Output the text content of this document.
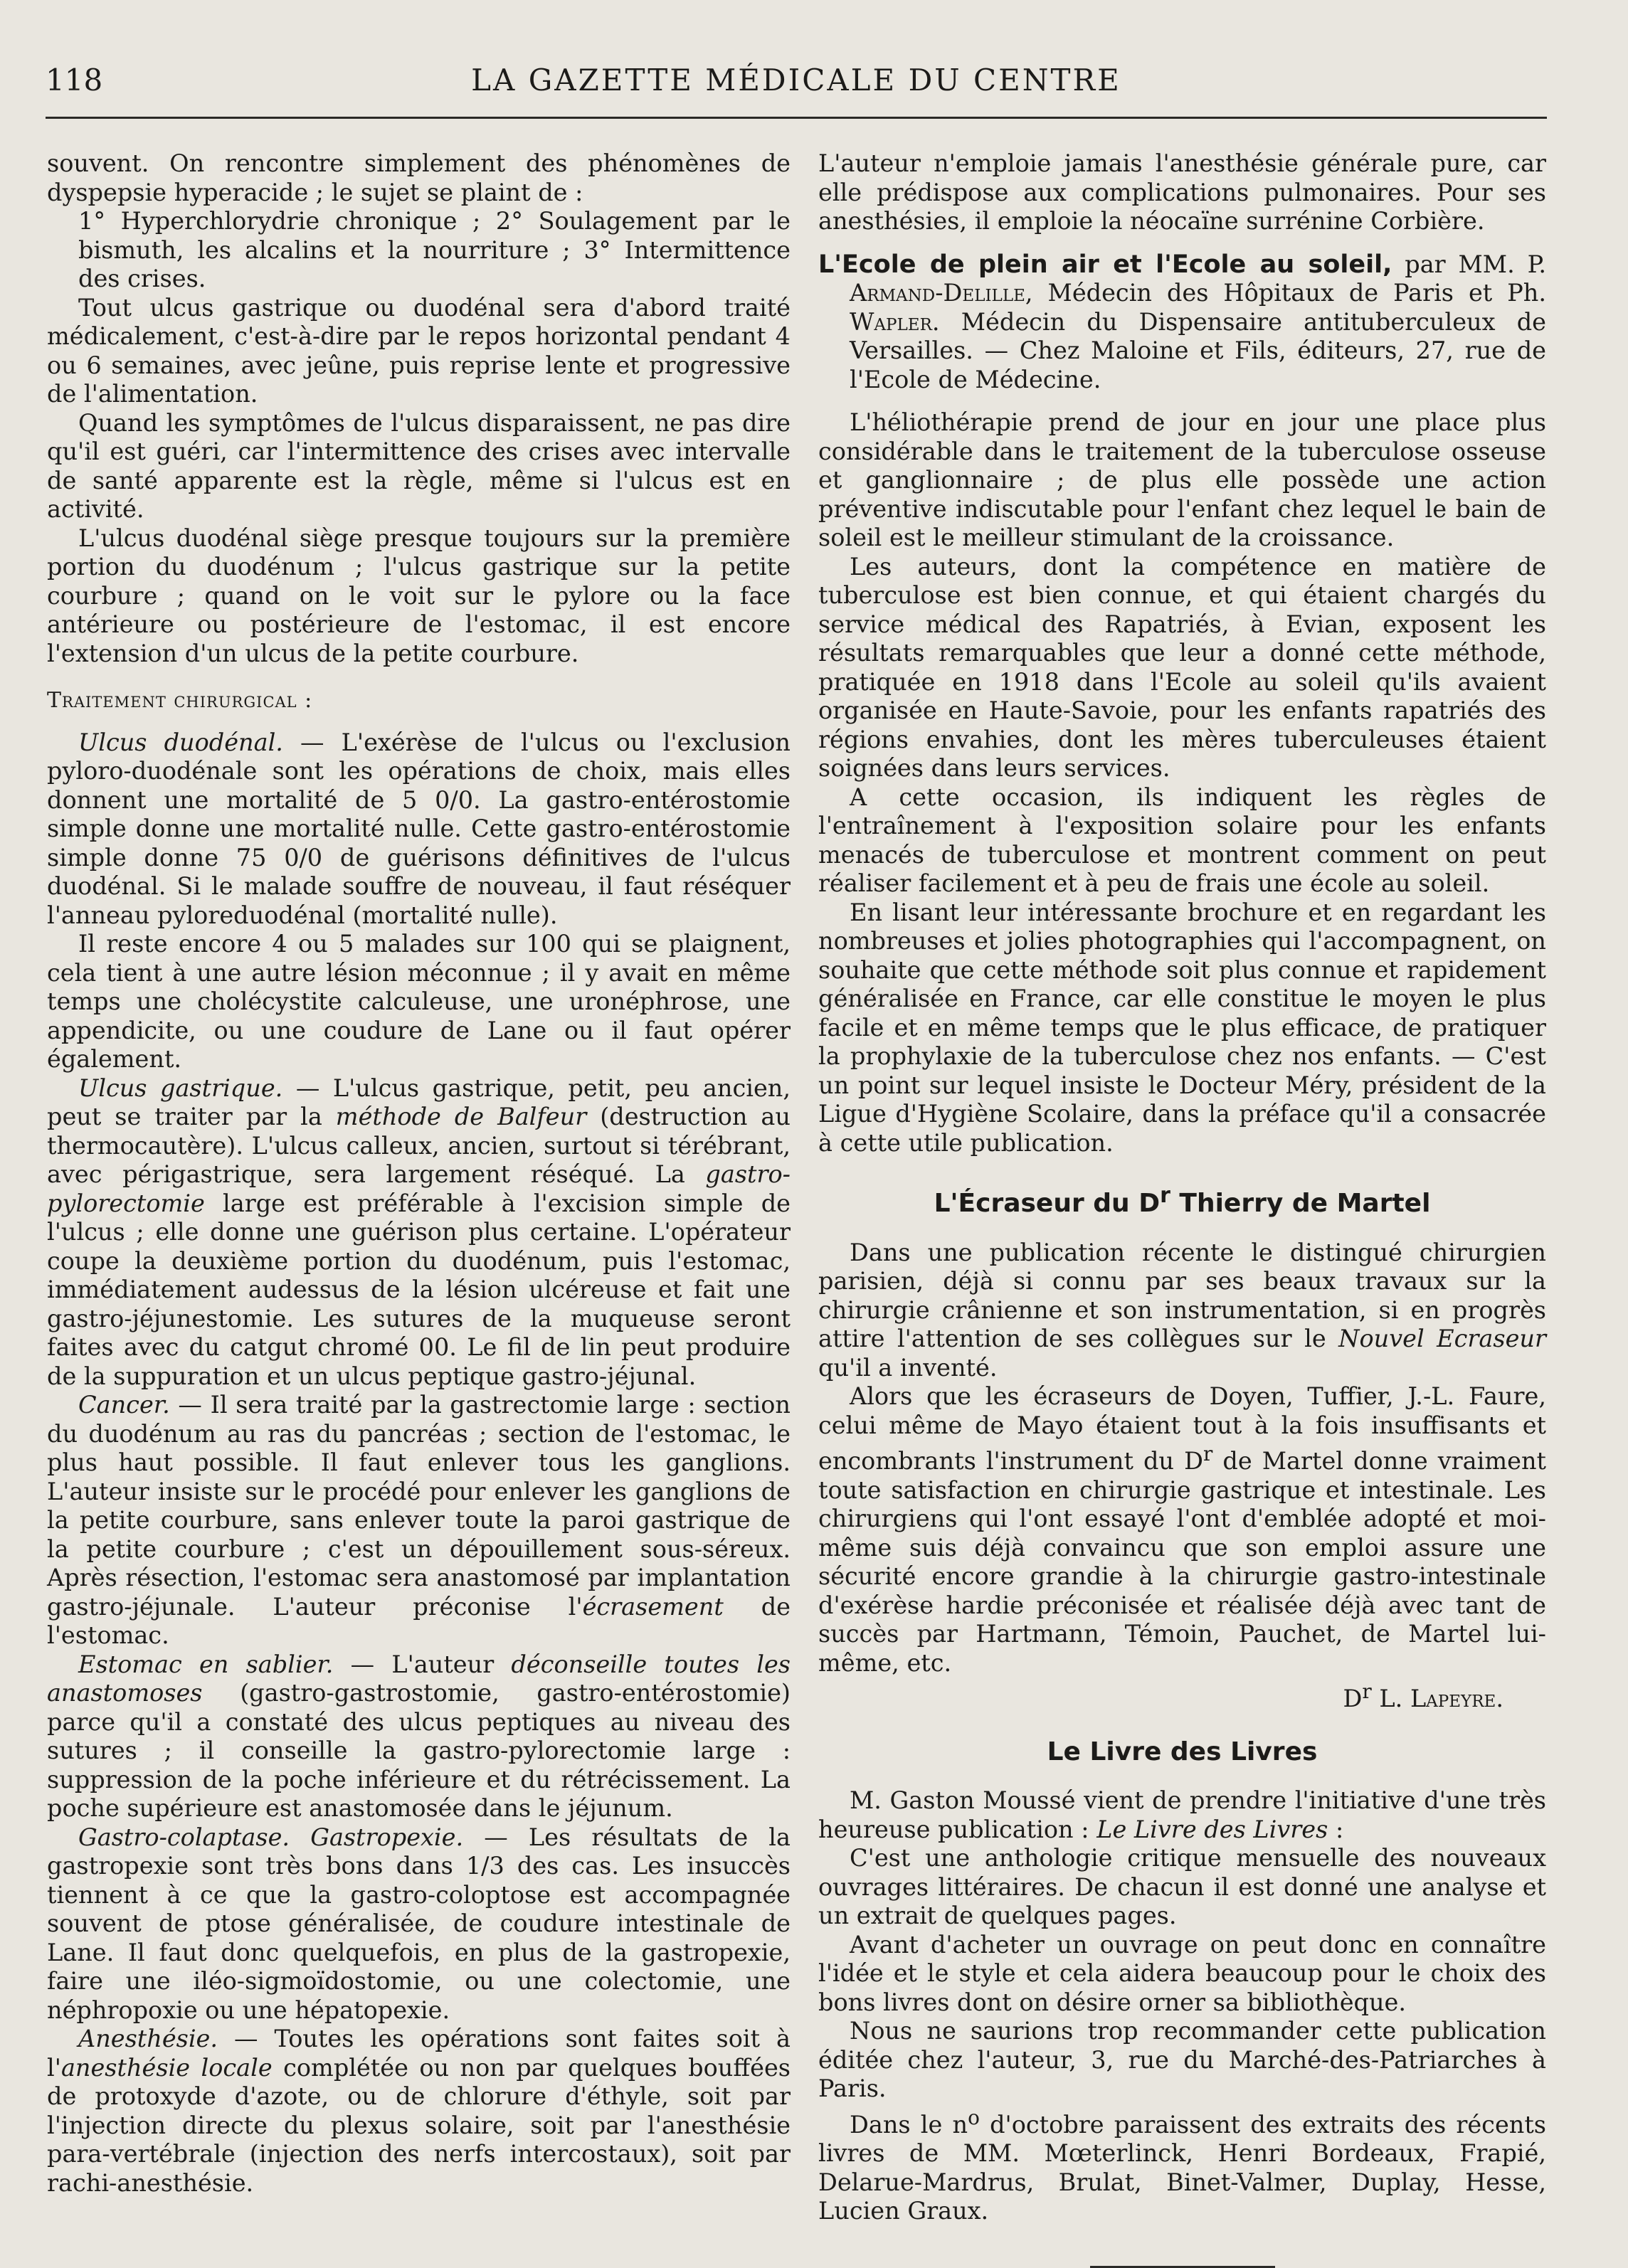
118	LA GAZETTE MÉDICALE DU CENTRE

souvent. On rencontre simplement des phénomènes de dyspepsie hyperacide ; le sujet se plaint de :

1° Hyperchlorydrie chronique ; 2° Soulagement par le bismuth, les alcalins et la nourriture ; 3° Intermittence des crises.

Tout ulcus gastrique ou duodénal sera d'abord traité médicalement, c'est-à-dire par le repos horizontal pendant 4 ou 6 semaines, avec jeûne, puis reprise lente et progressive de l'alimentation.

Quand les symptômes de l'ulcus disparaissent, ne pas dire qu'il est guéri, car l'intermittence des crises avec intervalle de santé apparente est la règle, même si l'ulcus est en activité.

L'ulcus duodénal siège presque toujours sur la première portion du duodénum ; l'ulcus gastrique sur la petite courbure ; quand on le voit sur le pylore ou la face antérieure ou postérieure de l'estomac, il est encore l'extension d'un ulcus de la petite courbure.

Traitement chirurgical :

Ulcus duodénal. — L'exérèse de l'ulcus ou l'exclusion pyloro-duodénale sont les opérations de choix, mais elles donnent une mortalité de 5 0/0. La gastro-entérostomie simple donne une mortalité nulle. Cette gastro-entérostomie simple donne 75 0/0 de guérisons définitives de l'ulcus duodénal. Si le malade souffre de nouveau, il faut réséquer l'anneau pyloreduodénal (mortalité nulle).

Il reste encore 4 ou 5 malades sur 100 qui se plaignent, cela tient à une autre lésion méconnue ; il y avait en même temps une cholécystite calculeuse, une uronéphrose, une appendicite, ou une coudure de Lane ou il faut opérer également.

Ulcus gastrique. — L'ulcus gastrique, petit, peu ancien, peut se traiter par la méthode de Balfeur (destruction au thermocautère). L'ulcus calleux, ancien, surtout si térébrant, avec périgastrique, sera largement réséqué. La gastro-pylorectomie large est préférable à l'excision simple de l'ulcus ; elle donne une guérison plus certaine. L'opérateur coupe la deuxième portion du duodénum, puis l'estomac, immédiatement audessus de la lésion ulcéreuse et fait une gastro-jéjunestomie. Les sutures de la muqueuse seront faites avec du catgut chromé 00. Le fil de lin peut produire de la suppuration et un ulcus peptique gastro-jéjunal.

Cancer. — Il sera traité par la gastrectomie large : section du duodénum au ras du pancréas ; section de l'estomac, le plus haut possible. Il faut enlever tous les ganglions. L'auteur insiste sur le procédé pour enlever les ganglions de la petite courbure, sans enlever toute la paroi gastrique de la petite courbure ; c'est un dépouillement sous-séreux. Après résection, l'estomac sera anastomosé par implantation gastro-jéjunale. L'auteur préconise l'écrasement de l'estomac.

Estomac en sablier. — L'auteur déconseille toutes les anastomoses (gastro-gastrostomie, gastro-entérostomie) parce qu'il a constaté des ulcus peptiques au niveau des sutures ; il conseille la gastro-pylorectomie large : suppression de la poche inférieure et du rétrécissement. La poche supérieure est anastomosée dans le jéjunum.

Gastro-colaptase. Gastropexie. — Les résultats de la gastropexie sont très bons dans 1/3 des cas. Les insuccès tiennent à ce que la gastro-coloptose est accompagnée souvent de ptose généralisée, de coudure intestinale de Lane. Il faut donc quelquefois, en plus de la gastropexie, faire une iléo-sigmoïdostomie, ou une colectomie, une néphropoxie ou une hépatopexie.

Anesthésie. — Toutes les opérations sont faites soit à l'anesthésie locale complétée ou non par quelques bouffées de protoxyde d'azote, ou de chlorure d'éthyle, soit par l'injection directe du plexus solaire, soit par l'anesthésie para-vertébrale (injection des nerfs intercostaux), soit par rachi-anesthésie.

L'auteur n'emploie jamais l'anesthésie générale pure, car elle prédispose aux complications pulmonaires. Pour ses anesthésies, il emploie la néocaïne surrénine Corbière.

L'Ecole de plein air et l'Ecole au soleil, par MM. P. Armand-Delille, Médecin des Hôpitaux de Paris et Ph. Wapler. Médecin du Dispensaire antituberculeux de Versailles. — Chez Maloine et Fils, éditeurs, 27, rue de l'Ecole de Médecine.

L'héliothérapie prend de jour en jour une place plus considérable dans le traitement de la tuberculose osseuse et ganglionnaire ; de plus elle possède une action préventive indiscutable pour l'enfant chez lequel le bain de soleil est le meilleur stimulant de la croissance.

Les auteurs, dont la compétence en matière de tuberculose est bien connue, et qui étaient chargés du service médical des Rapatriés, à Evian, exposent les résultats remarquables que leur a donné cette méthode, pratiquée en 1918 dans l'Ecole au soleil qu'ils avaient organisée en Haute-Savoie, pour les enfants rapatriés des régions envahies, dont les mères tuberculeuses étaient soignées dans leurs services.

A cette occasion, ils indiquent les règles de l'entraînement à l'exposition solaire pour les enfants menacés de tuberculose et montrent comment on peut réaliser facilement et à peu de frais une école au soleil.

En lisant leur intéressante brochure et en regardant les nombreuses et jolies photographies qui l'accompagnent, on souhaite que cette méthode soit plus connue et rapidement généralisée en France, car elle constitue le moyen le plus facile et en même temps que le plus efficace, de pratiquer la prophylaxie de la tuberculose chez nos enfants. — C'est un point sur lequel insiste le Docteur Méry, président de la Ligue d'Hygiène Scolaire, dans la préface qu'il a consacrée à cette utile publication.

L'Écraseur du $D^r$ Thierry de Martel

Dans une publication récente le distingué chirurgien parisien, déjà si connu par ses beaux travaux sur la chirurgie crânienne et son instrumentation, si en progrès attire l'attention de ses collègues sur le Nouvel Ecraseur qu'il a inventé.

Alors que les écraseurs de Doyen, Tuffier, J.-L. Faure, celui même de Mayo étaient tout à la fois insuffisants et encombrants l'instrument du $D^r$ de Martel donne vraiment toute satisfaction en chirurgie gastrique et intestinale. Les chirurgiens qui l'ont essayé l'ont d'emblée adopté et moi-même suis déjà convaincu que son emploi assure une sécurité encore grandie à la chirurgie gastro-intestinale d'exérèse hardie préconisée et réalisée déjà avec tant de succès par Hartmann, Témoin, Pauchet, de Martel lui-même, etc.

$D^r$ L. Lapeyre.

Le Livre des Livres

M. Gaston Moussé vient de prendre l'initiative d'une très heureuse publication : Le Livre des Livres :

C'est une anthologie critique mensuelle des nouveaux ouvrages littéraires. De chacun il est donné une analyse et un extrait de quelques pages.

Avant d'acheter un ouvrage on peut donc en connaître l'idée et le style et cela aidera beaucoup pour le choix des bons livres dont on désire orner sa bibliothèque.

Nous ne saurions trop recommander cette publication éditée chez l'auteur, 3, rue du Marché-des-Patriarches à Paris.

Dans le $n^o$ d'octobre paraissent des extraits des récents livres de MM. Mœterlinck, Henri Bordeaux, Frapié, Delarue-Mardrus, Brulat, Binet-Valmer, Duplay, Hesse, Lucien Graux.
